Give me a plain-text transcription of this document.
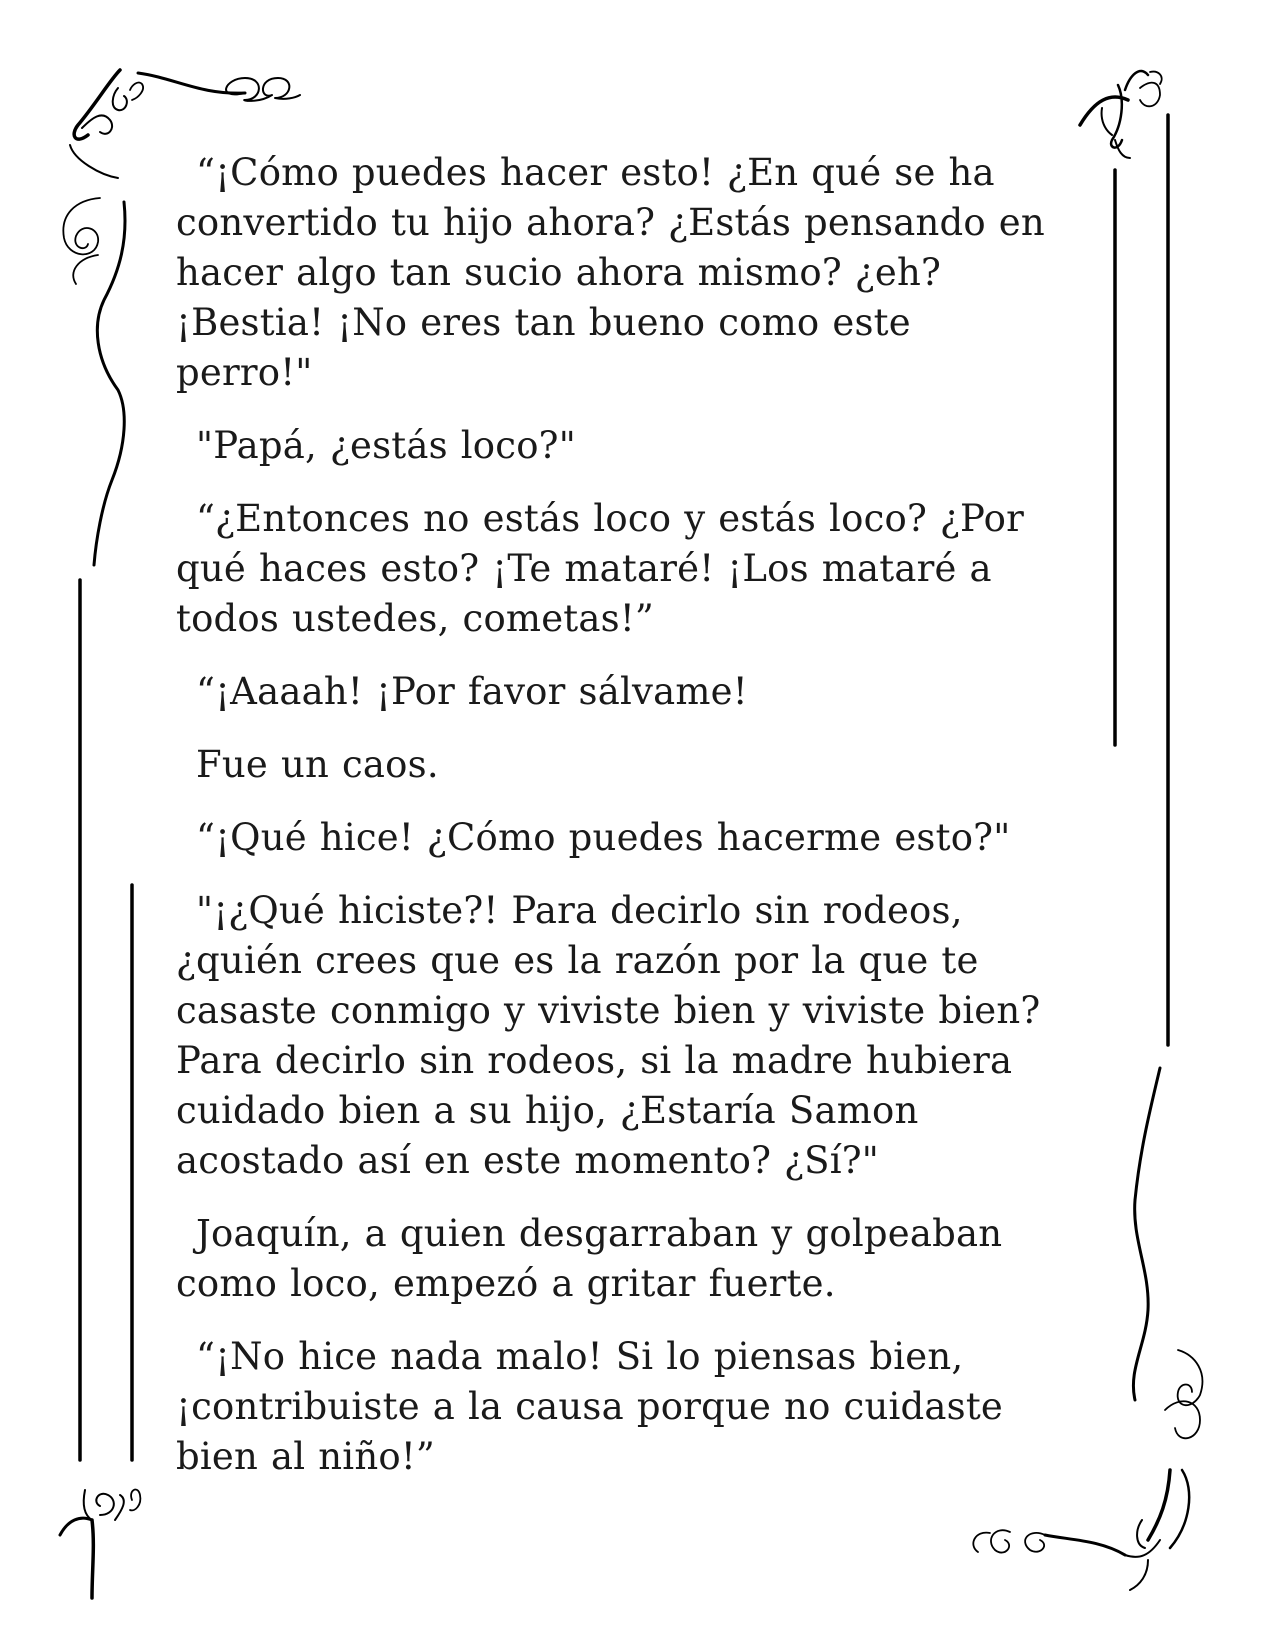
“¡Cómo puedes hacer esto! ¿En qué se ha convertido tu hijo ahora? ¿Estás pensando en hacer algo tan sucio ahora mismo? ¿eh? ¡Bestia! ¡No eres tan bueno como este perro!"

"Papá, ¿estás loco?"

“¿Entonces no estás loco y estás loco? ¿Por qué haces esto? ¡Te mataré! ¡Los mataré a todos ustedes, cometas!”

“¡Aaaah! ¡Por favor sálvame!

Fue un caos.

“¡Qué hice! ¿Cómo puedes hacerme esto?"

"¡¿Qué hiciste?! Para decirlo sin rodeos, ¿quién crees que es la razón por la que te casaste conmigo y viviste bien y viviste bien? Para decirlo sin rodeos, si la madre hubiera cuidado bien a su hijo, ¿Estaría Samon acostado así en este momento? ¿Sí?"

Joaquín, a quien desgarraban y golpeaban como loco, empezó a gritar fuerte.

“¡No hice nada malo! Si lo piensas bien, ¡contribuiste a la causa porque no cuidaste bien al niño!”
